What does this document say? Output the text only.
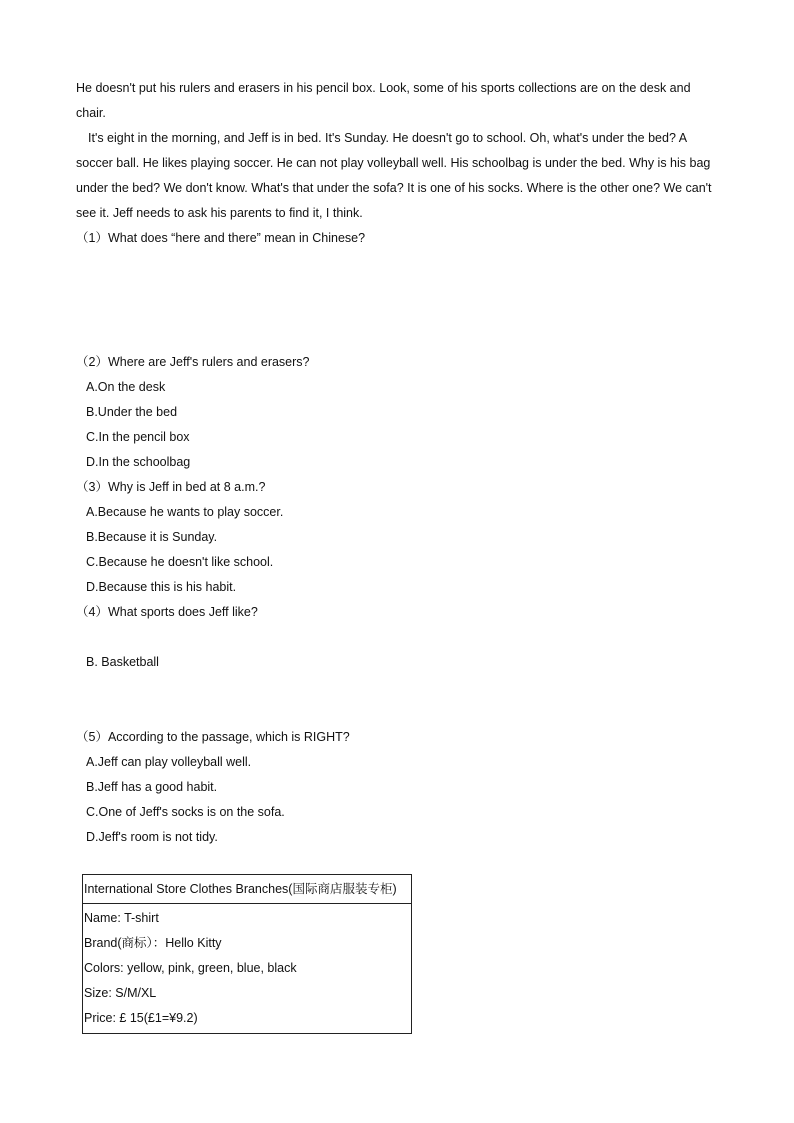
He doesn't put his rulers and erasers in his pencil box. Look, some of his sports collections are on the desk and

chair.

It's eight in the morning, and Jeff is in bed. It's Sunday. He doesn't go to school. Oh, what's under the bed? A soccer ball. He likes playing soccer. He can not play volleyball well. His schoolbag is under the bed. Why is his bag under the bed? We don't know. What's that under the sofa? It is one of his socks. Where is the other one? We can't see it. Jeff needs to ask his parents to find it, I think.

（1）What does “here and there” mean in Chinese?
（2）Where are Jeff's rulers and erasers?
A.On the desk
B.Under the bed
C.In the pencil box
D.In the schoolbag
（3）Why is Jeff in bed at 8 a.m.?
A.Because he wants to play soccer.
B.Because it is Sunday.
C.Because he doesn't like school.
D.Because this is his habit.
（4）What sports does Jeff like?
B. Basketball
（5）According to the passage, which is RIGHT?
A.Jeff can play volleyball well.
B.Jeff has a good habit.
C.One of Jeff's socks is on the sofa.
D.Jeff's room is not tidy.
International Store Clothes Branches(国际商店服装专柜)
Name: T-shirt
Brand(商标）：Hello Kitty
Colors: yellow, pink, green, blue, black
Size: S/M/XL
Price: £ 15(£1=¥9.2)
